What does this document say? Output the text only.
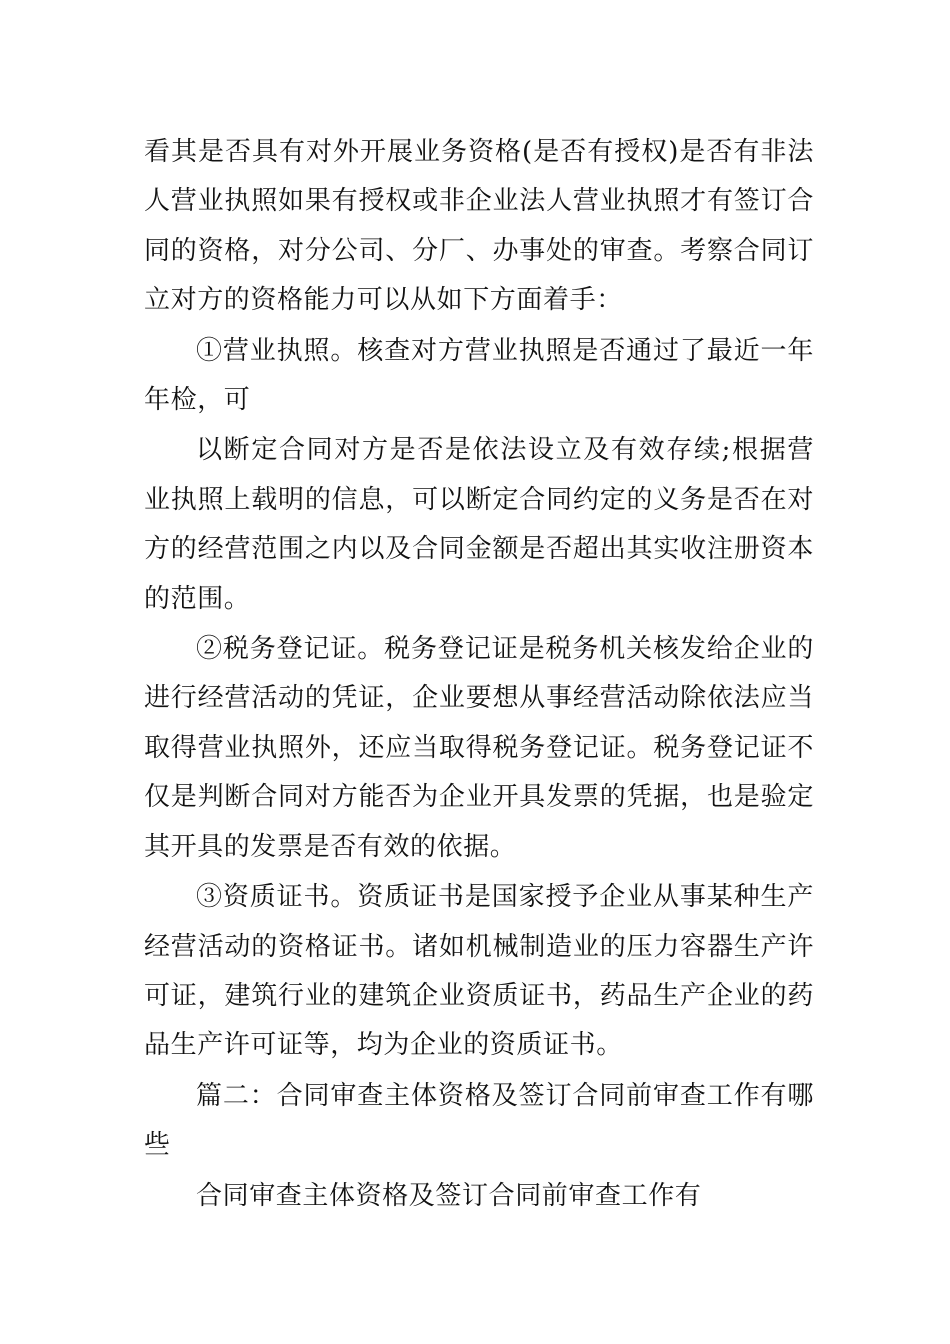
看其是否具有对外开展业务资格(是否有授权)是否有非法人营业执照如果有授权或非企业法人营业执照才有签订合同的资格，对分公司、分厂、办事处的审查。考察合同订立对方的资格能力可以从如下方面着手：

①营业执照。核查对方营业执照是否通过了最近一年年检，可

以断定合同对方是否是依法设立及有效存续;根据营业执照上载明的信息，可以断定合同约定的义务是否在对方的经营范围之内以及合同金额是否超出其实收注册资本的范围。

②税务登记证。税务登记证是税务机关核发给企业的进行经营活动的凭证，企业要想从事经营活动除依法应当取得营业执照外，还应当取得税务登记证。税务登记证不仅是判断合同对方能否为企业开具发票的凭据，也是验定其开具的发票是否有效的依据。

③资质证书。资质证书是国家授予企业从事某种生产经营活动的资格证书。诸如机械制造业的压力容器生产许可证，建筑行业的建筑企业资质证书，药品生产企业的药品生产许可证等，均为企业的资质证书。

篇二：合同审查主体资格及签订合同前审查工作有哪些

合同审查主体资格及签订合同前审查工作有
